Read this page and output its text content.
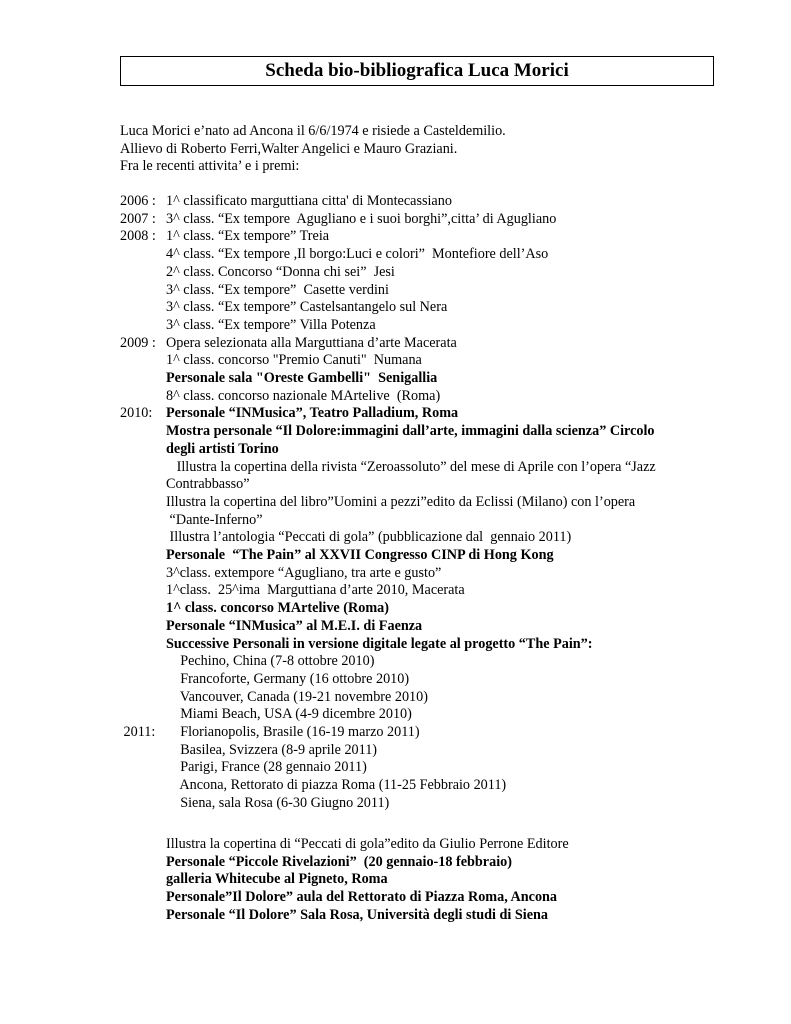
Scheda bio-bibliografica Luca Morici
Luca Morici e’nato ad Ancona il 6/6/1974 e risiede a Casteldemilio.
Allievo di Roberto Ferri,Walter Angelici e Mauro Graziani.
Fra le recenti attivita’ e i premi:
2006 : 1^ classificato marguttiana citta' di Montecassiano
2007 : 3^ class. “Ex tempore  Agugliano e i suoi borghi”,citta’ di Agugliano
2008 : 1^ class. “Ex tempore” Treia
4^ class. “Ex tempore ,Il borgo:Luci e colori”  Montefiore dell’Aso
2^ class. Concorso “Donna chi sei”  Jesi
3^ class. “Ex tempore”  Casette verdini
3^ class. “Ex tempore” Castelsantangelo sul Nera
3^ class. “Ex tempore” Villa Potenza
2009 : Opera selezionata alla Marguttiana d’arte Macerata
1^ class. concorso "Premio Canuti"  Numana
Personale sala "Oreste Gambelli"  Senigallia
8^ class. concorso nazionale MArtelive  (Roma)
2010: Personale “INMusica”, Teatro Palladium, Roma
Mostra personale “Il Dolore:immagini dall’arte, immagini dalla scienza” Circolo
degli artisti Torino
Illustra la copertina della rivista “Zeroassoluto” del mese di Aprile con l’opera “Jazz
Contrabbasso”
Illustra la copertina del libro”Uomini a pezzi”edito da Eclissi (Milano) con l’opera
“Dante-Inferno”
Illustra l’antologia “Peccati di gola” (pubblicazione dal  gennaio 2011)
Personale  “The Pain” al XXVII Congresso CINP di Hong Kong
3^class. extempore “Agugliano, tra arte e gusto”
1^class.  25^ima  Marguttiana d’arte 2010, Macerata
1^ class. concorso MArtelive (Roma)
Personale “INMusica” al M.E.I. di Faenza
Successive Personali in versione digitale legate al progetto “The Pain”:
Pechino, China (7-8 ottobre 2010)
Francoforte, Germany (16 ottobre 2010)
Vancouver, Canada (19-21 novembre 2010)
Miami Beach, USA (4-9 dicembre 2010)
2011: Florianopolis, Brasile (16-19 marzo 2011)
Basilea, Svizzera (8-9 aprile 2011)
Parigi, France (28 gennaio 2011)
Ancona, Rettorato di piazza Roma (11-25 Febbraio 2011)
Siena, sala Rosa (6-30 Giugno 2011)
Illustra la copertina di “Peccati di gola”edito da Giulio Perrone Editore
Personale “Piccole Rivelazioni”  (20 gennaio-18 febbraio)
galleria Whitecube al Pigneto, Roma
Personale”Il Dolore” aula del Rettorato di Piazza Roma, Ancona
Personale “Il Dolore” Sala Rosa, Università degli studi di Siena
